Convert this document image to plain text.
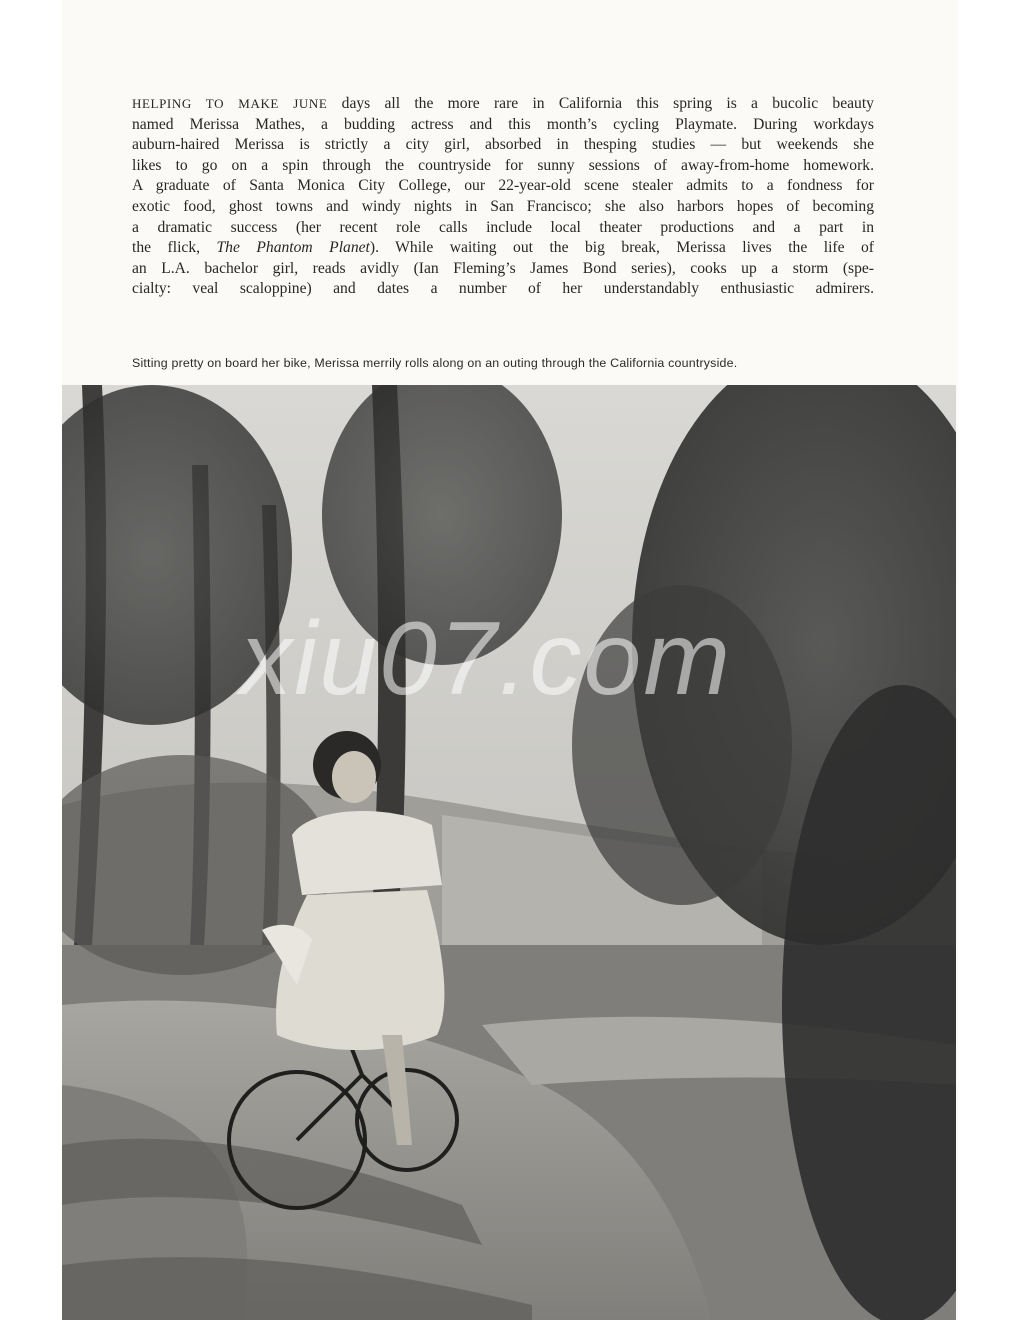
HELPING TO MAKE JUNE days all the more rare in California this spring is a bucolic beauty
named Merissa Mathes, a budding actress and this month’s cycling Playmate. During workdays
auburn-haired Merissa is strictly a city girl, absorbed in thesping studies — but weekends she
likes to go on a spin through the countryside for sunny sessions of away-from-home homework.
A graduate of Santa Monica City College, our 22-year-old scene stealer admits to a fondness for
exotic food, ghost towns and windy nights in San Francisco; she also harbors hopes of becoming
a dramatic success (her recent role calls include local theater productions and a part in
the flick, The Phantom Planet). While waiting out the big break, Merissa lives the life of
an L.A. bachelor girl, reads avidly (Ian Fleming’s James Bond series), cooks up a storm (spe-
cialty: veal scaloppine) and dates a number of her understandably enthusiastic admirers.
Sitting pretty on board her bike, Merissa merrily rolls along on an outing through the California countryside.
xiu07.com
